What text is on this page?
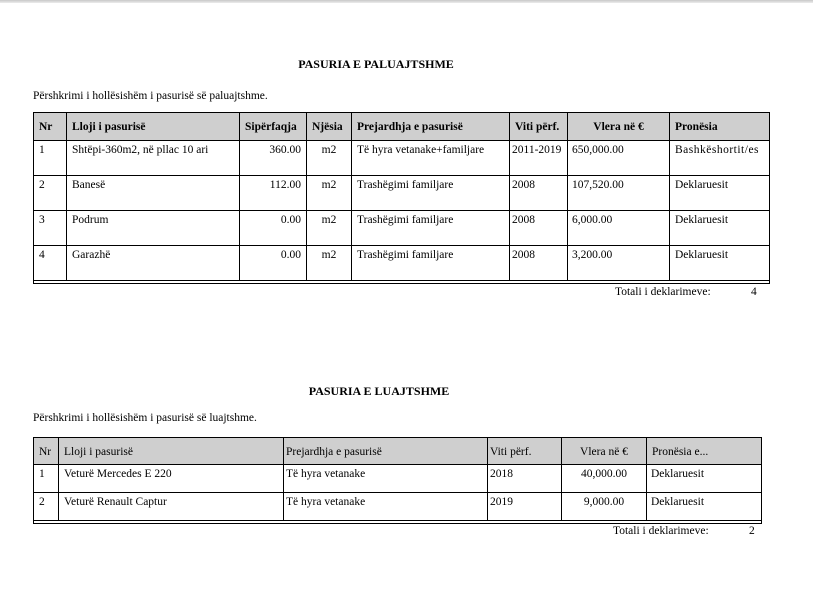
PASURIA E PALUAJTSHME
Përshkrimi i hollësishëm i pasurisë së paluajtshme.
Nr	Lloji i pasurisë	Sipërfaqja	Njësia	Prejardhja e pasurisë	Viti përf.	Vlera në €	Pronësia
1	Shtëpi-360m2, në pllac 10 ari	360.00	m2	Të hyra vetanake+familjare	2011-2019	650,000.00	Bashkëshortit/es
2	Banesë	112.00	m2	Trashëgimi familjare	2008	107,520.00	Deklaruesit
3	Podrum	0.00	m2	Trashëgimi familjare	2008	6,000.00	Deklaruesit
4	Garazhë	0.00	m2	Trashëgimi familjare	2008	3,200.00	Deklaruesit

Totali i deklarimeve:	4
PASURIA E LUAJTSHME
Përshkrimi i hollësishëm i pasurisë së luajtshme.
Nr	Lloji i pasurisë	Prejardhja e pasurisë	Viti përf.	Vlera në €	Pronësia e...
1	Veturë Mercedes E 220	Të hyra vetanake	2018	40,000.00	Deklaruesit
2	Veturë Renault Captur	Të hyra vetanake	2019	9,000.00	Deklaruesit

Totali i deklarimeve:	2
